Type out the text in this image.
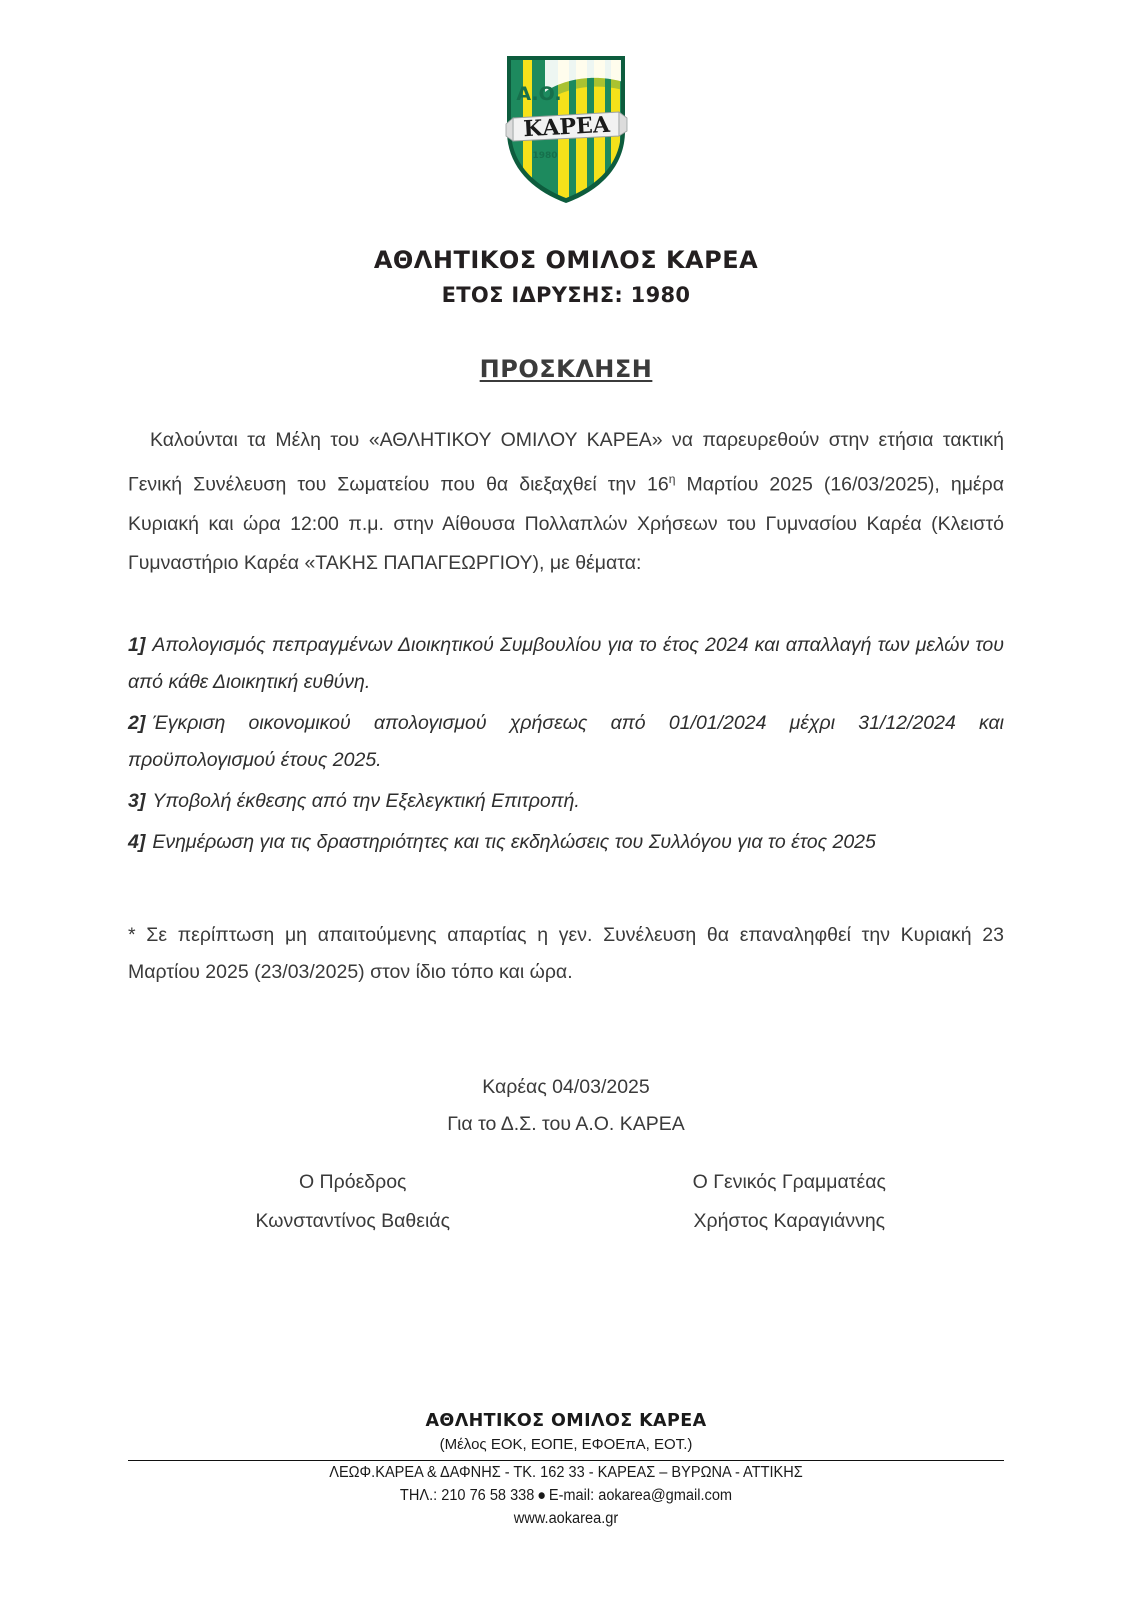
A.O.
ΚΑΡΕΑ
1980
ΑΘΛΗΤΙΚΟΣ ΟΜΙΛΟΣ ΚΑΡΕΑ
ΕΤΟΣ ΙΔΡΥΣΗΣ: 1980
ΠΡΟΣΚΛΗΣΗ

Καλούνται τα Μέλη του «ΑΘΛΗΤΙΚΟΥ ΟΜΙΛΟΥ ΚΑΡΕΑ» να παρευρεθούν στην ετήσια τακτική Γενική Συνέλευση του Σωματείου που θα διεξαχθεί την $16^\eta$ Μαρτίου 2025 (16/03/2025), ημέρα Κυριακή και ώρα 12:00 π.μ. στην Αίθουσα Πολλαπλών Χρήσεων του Γυμνασίου Καρέα (Κλειστό Γυμναστήριο Καρέα «ΤΑΚΗΣ ΠΑΠΑΓΕΩΡΓΙΟΥ), με θέματα:

1] Απολογισμός πεπραγμένων Διοικητικού Συμβουλίου για το έτος 2024 και απαλλαγή των μελών του από κάθε Διοικητική ευθύνη.

2] Έγκριση οικονομικού απολογισμού χρήσεως από 01/01/2024 μέχρι 31/12/2024 και προϋπολογισμού έτους 2025.

3] Υποβολή έκθεσης από την Εξελεγκτική Επιτροπή.

4] Ενημέρωση για τις δραστηριότητες και τις εκδηλώσεις του Συλλόγου για το έτος 2025

* Σε περίπτωση μη απαιτούμενης απαρτίας η γεν. Συνέλευση θα επαναληφθεί την Κυριακή 23 Μαρτίου 2025 (23/03/2025) στον ίδιο τόπο και ώρα.

Καρέας 04/03/2025
Για το Δ.Σ. του Α.Ο. ΚΑΡΕΑ
Ο Πρόεδρος
Κωνσταντίνος Βαθειάς
Ο Γενικός Γραμματέας
Χρήστος Καραγιάννης
ΑΘΛΗΤΙΚΟΣ ΟΜΙΛΟΣ ΚΑΡΕΑ
(Μέλος ΕΟΚ, ΕΟΠΕ, ΕΦΟΕπΑ, ΕΟΤ.)
ΛΕΩΦ.ΚΑΡΕΑ & ΔΑΦΝΗΣ - ΤΚ. 162 33 - ΚΑΡΕΑΣ – ΒΥΡΩΝΑ - ΑΤΤΙΚΗΣ
ΤΗΛ.: 210 76 58 338 ● E-mail: aokarea@gmail.com
www.aokarea.gr
